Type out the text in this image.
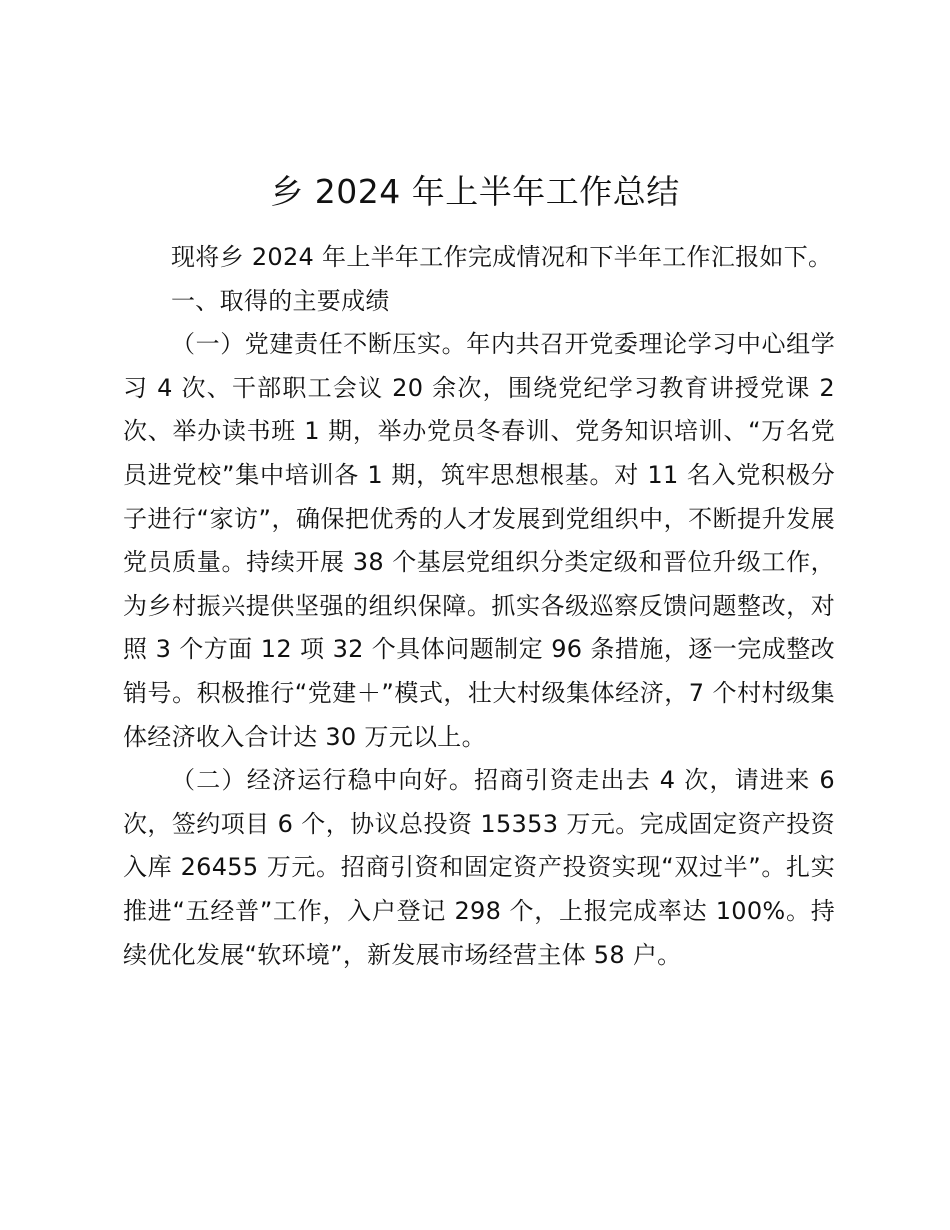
乡 2024 年上半年工作总结

现将乡 2024 年上半年工作完成情况和下半年工作汇报如下。

一、取得的主要成绩

（一）党建责任不断压实。年内共召开党委理论学习中心组学习 4 次、干部职工会议 20 余次，围绕党纪学习教育讲授党课 2 次、举办读书班 1 期，举办党员冬春训、党务知识培训、“万名党员进党校”集中培训各 1 期，筑牢思想根基。对 11 名入党积极分子进行“家访”，确保把优秀的人才发展到党组织中，不断提升发展党员质量。持续开展 38 个基层党组织分类定级和晋位升级工作，为乡村振兴提供坚强的组织保障。抓实各级巡察反馈问题整改，对照 3 个方面 12 项 32 个具体问题制定 96 条措施，逐一完成整改销号。积极推行“党建＋”模式，壮大村级集体经济，7 个村村级集体经济收入合计达 30 万元以上。

（二）经济运行稳中向好。招商引资走出去 4 次，请进来 6 次，签约项目 6 个，协议总投资 15353 万元。完成固定资产投资入库 26455 万元。招商引资和固定资产投资实现“双过半”。扎实推进“五经普”工作，入户登记 298 个，上报完成率达 100%。持续优化发展“软环境”，新发展市场经营主体 58 户。
